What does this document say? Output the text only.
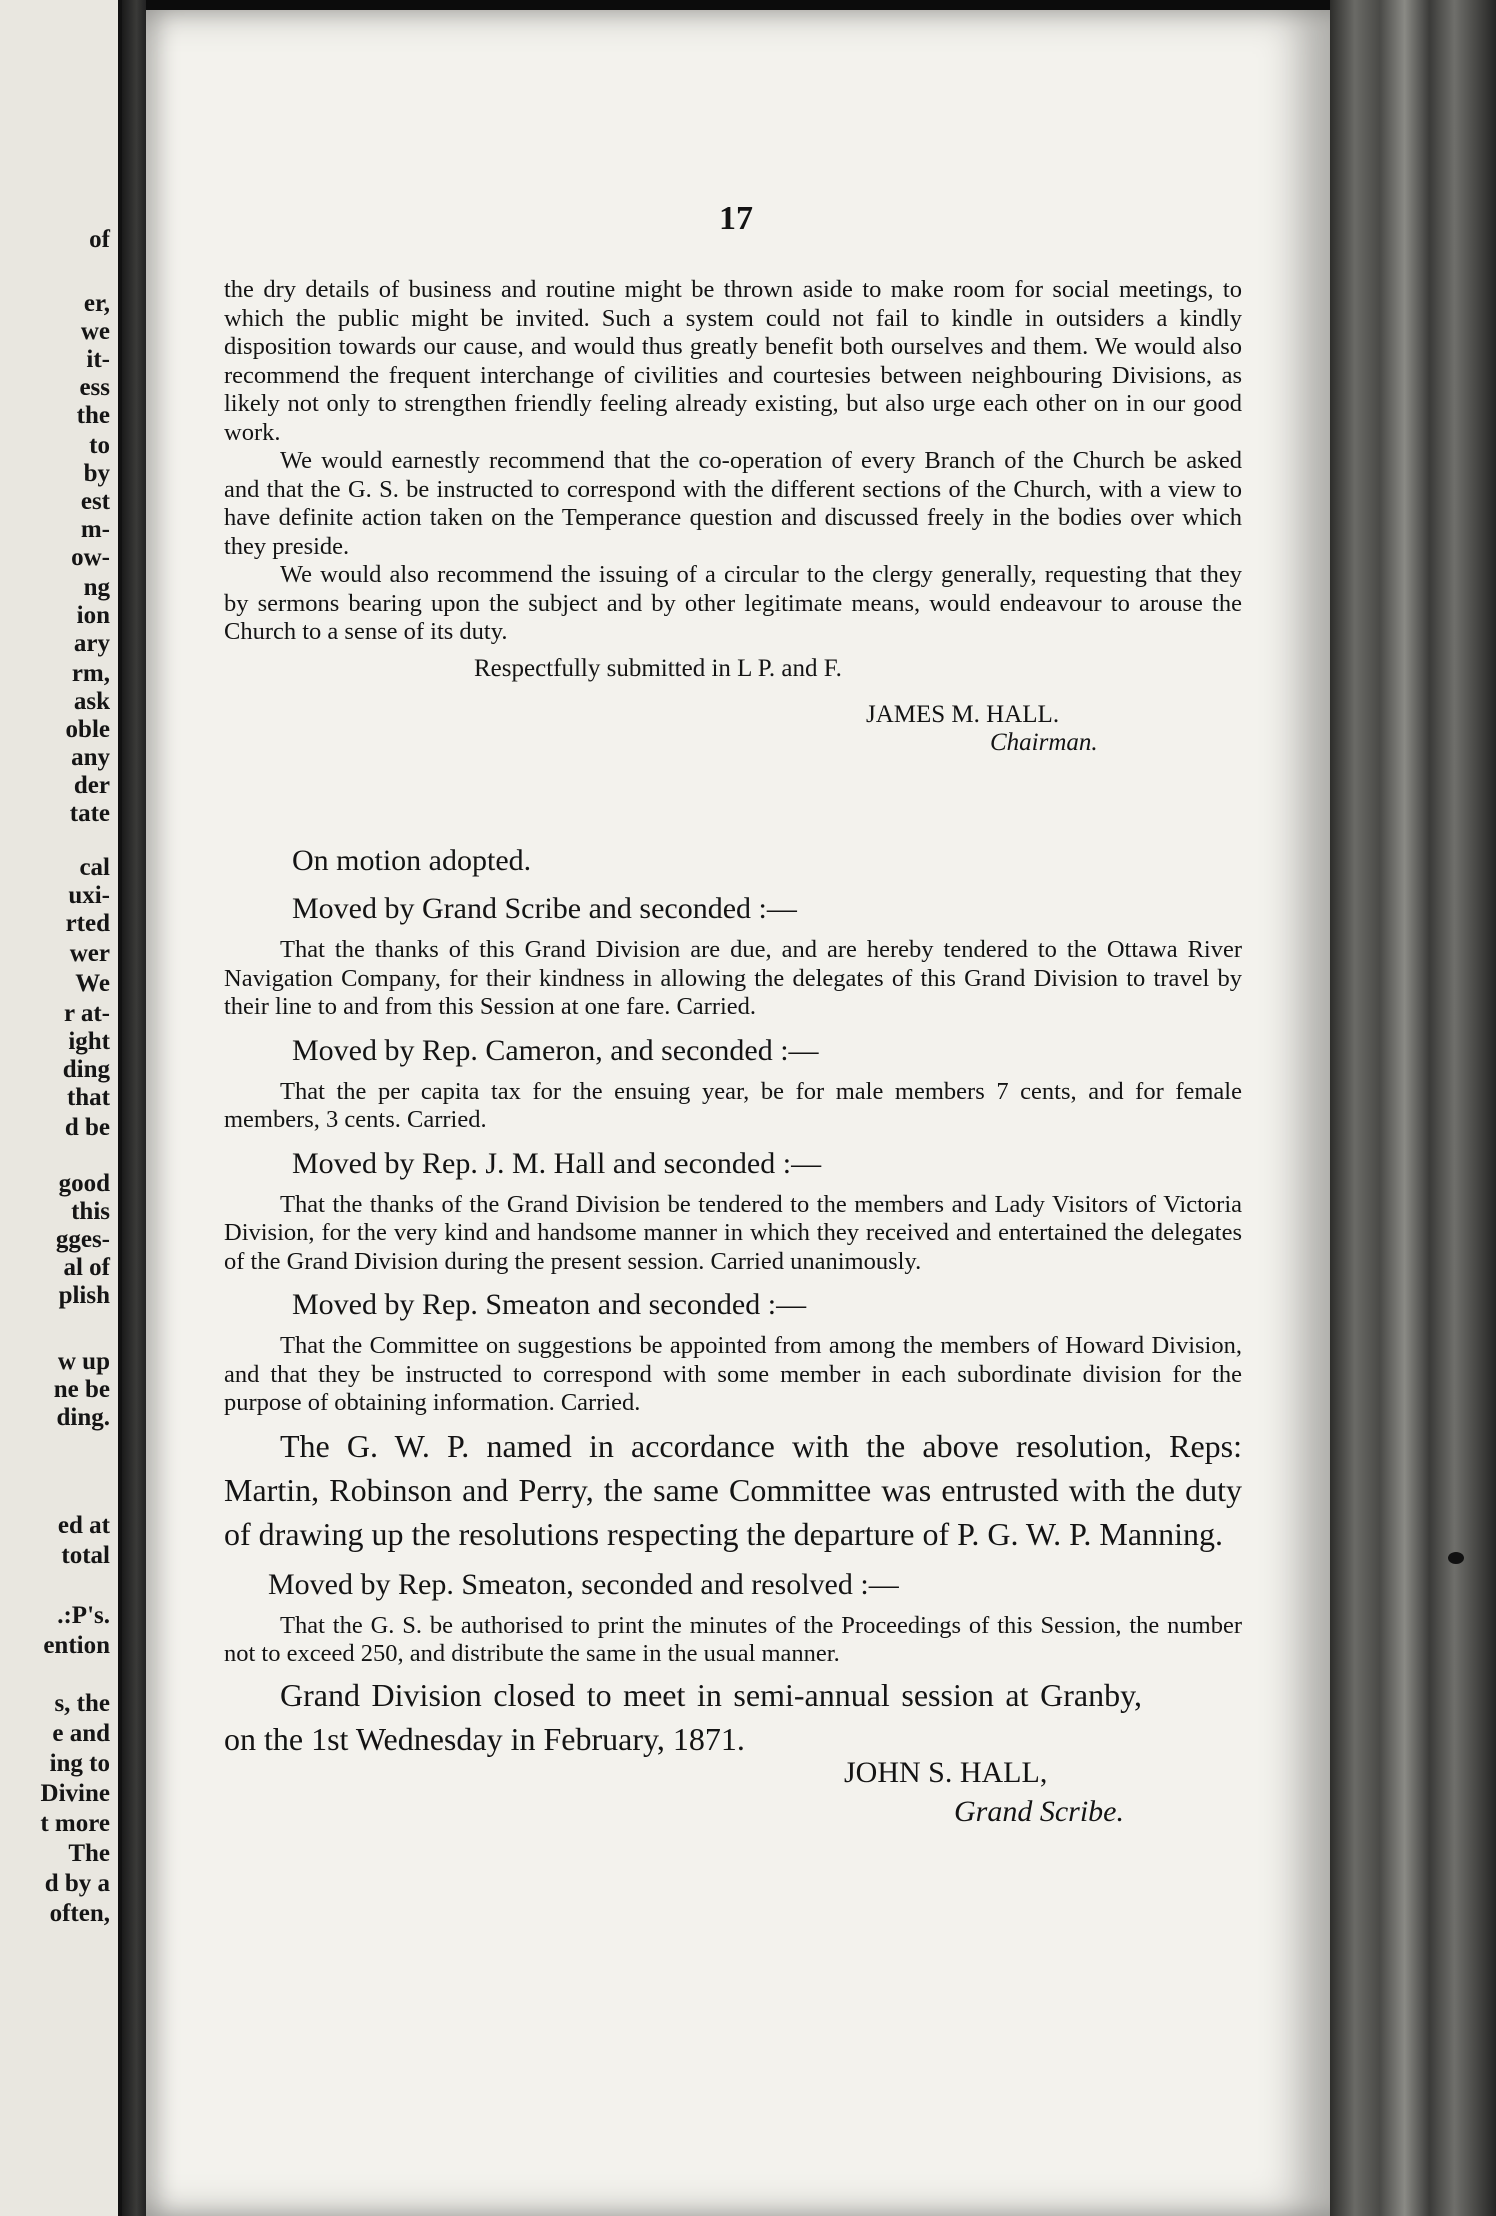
of
er,
we
it-
ess
the
to
by
est
m-
ow-
ng
ion
ary
rm,
ask
oble
any
der
tate
cal
uxi-
rted
wer
We
r at-
ight
ding
that
d be
good
this
gges-
al of
plish
w up
ne be
ding.
ed at
total
.:P's.
ention
s, the
e and
ing to
Divine
t more
The
d by a
often,
17

the dry details of business and routine might be thrown aside to make room for social meetings, to which the public might be invited. Such a system could not fail to kindle in outsiders a kindly disposition towards our cause, and would thus greatly benefit both ourselves and them. We would also recommend the frequent interchange of civilities and courtesies between neighbouring Divisions, as likely not only to strengthen friendly feeling already existing, but also urge each other on in our good work.

We would earnestly recommend that the co-operation of every Branch of the Church be asked and that the G. S. be instructed to correspond with the different sections of the Church, with a view to have definite action taken on the Temperance question and discussed freely in the bodies over which they preside.

We would also recommend the issuing of a circular to the clergy generally, requesting that they by sermons bearing upon the subject and by other legitimate means, would endeavour to arouse the Church to a sense of its duty.

Respectfully submitted in L P. and F.
JAMES M. HALL.
Chairman.
On motion adopted.
Moved by Grand Scribe and seconded :—

That the thanks of this Grand Division are due, and are hereby tendered to the Ottawa River Navigation Company, for their kindness in allowing the delegates of this Grand Division to travel by their line to and from this Session at one fare. Carried.

Moved by Rep. Cameron, and seconded :—

That the per capita tax for the ensuing year, be for male members 7 cents, and for female members, 3 cents. Carried.

Moved by Rep. J. M. Hall and seconded :—

That the thanks of the Grand Division be tendered to the members and Lady Visitors of Victoria Division, for the very kind and handsome manner in which they received and entertained the delegates of the Grand Division during the present session. Carried unanimously.

Moved by Rep. Smeaton and seconded :—

That the Committee on suggestions be appointed from among the members of Howard Division, and that they be instructed to correspond with some member in each subordinate division for the purpose of obtaining information. Carried.

The G. W. P. named in accordance with the above resolution, Reps: Martin, Robinson and Perry, the same Committee was entrusted with the duty of drawing up the resolutions respecting the departure of P. G. W. P. Manning.

Moved by Rep. Smeaton, seconded and resolved :—

That the G. S. be authorised to print the minutes of the Proceedings of this Session, the number not to exceed 250, and distribute the same in the usual manner.

Grand Division closed to meet in semi-annual session at Granby, on the 1st Wednesday in February, 1871.

JOHN S. HALL,
Grand Scribe.
